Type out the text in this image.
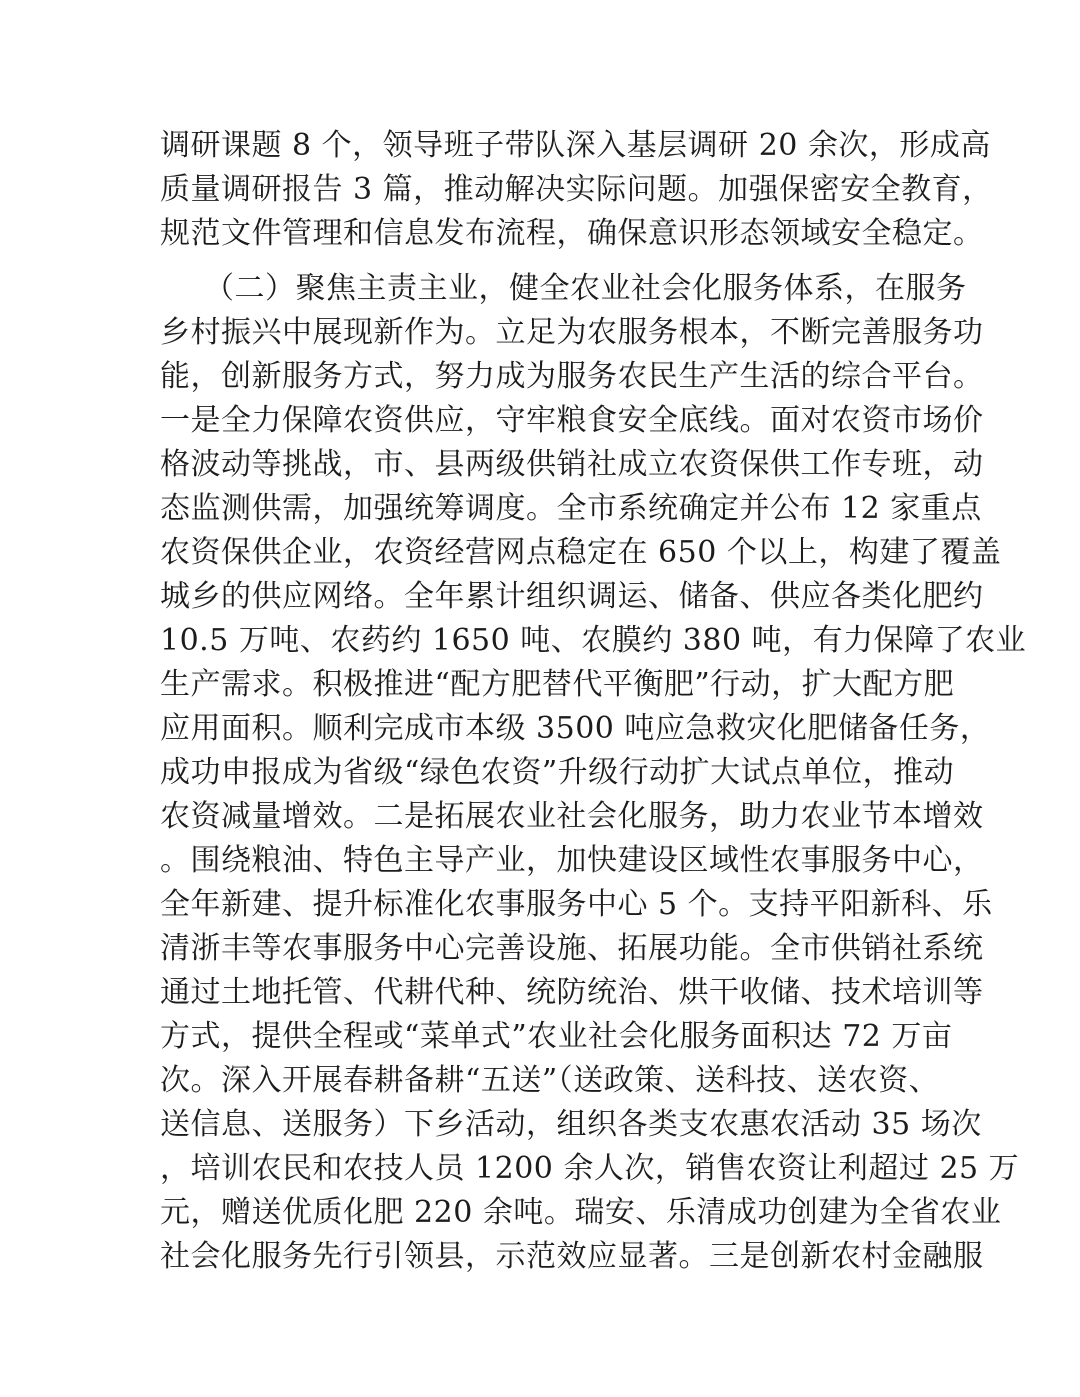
调研课题 8 个，领导班子带队深入基层调研 20 余次，形成高
质量调研报告 3 篇，推动解决实际问题。加强保密安全教育，
规范文件管理和信息发布流程，确保意识形态领域安全稳定。
（二）聚焦主责主业，健全农业社会化服务体系，在服务
乡村振兴中展现新作为。立足为农服务根本，不断完善服务功
能，创新服务方式，努力成为服务农民生产生活的综合平台。
一是全力保障农资供应，守牢粮食安全底线。面对农资市场价
格波动等挑战，市、县两级供销社成立农资保供工作专班，动
态监测供需，加强统筹调度。全市系统确定并公布 12 家重点
农资保供企业，农资经营网点稳定在 650 个以上，构建了覆盖
城乡的供应网络。全年累计组织调运、储备、供应各类化肥约
10.5 万吨、农药约 1650 吨、农膜约 380 吨，有力保障了农业
生产需求。积极推进“配方肥替代平衡肥”行动，扩大配方肥
应用面积。顺利完成市本级 3500 吨应急救灾化肥储备任务，
成功申报成为省级“绿色农资”升级行动扩大试点单位，推动
农资减量增效。二是拓展农业社会化服务，助力农业节本增效
。围绕粮油、特色主导产业，加快建设区域性农事服务中心，
全年新建、提升标准化农事服务中心 5 个。支持平阳新科、乐
清浙丰等农事服务中心完善设施、拓展功能。全市供销社系统
通过土地托管、代耕代种、统防统治、烘干收储、技术培训等
方式，提供全程或“菜单式”农业社会化服务面积达 72 万亩
次。深入开展春耕备耕“五送”（送政策、送科技、送农资、
送信息、送服务）下乡活动，组织各类支农惠农活动 35 场次
，培训农民和农技人员 1200 余人次，销售农资让利超过 25 万
元，赠送优质化肥 220 余吨。瑞安、乐清成功创建为全省农业
社会化服务先行引领县，示范效应显著。三是创新农村金融服
